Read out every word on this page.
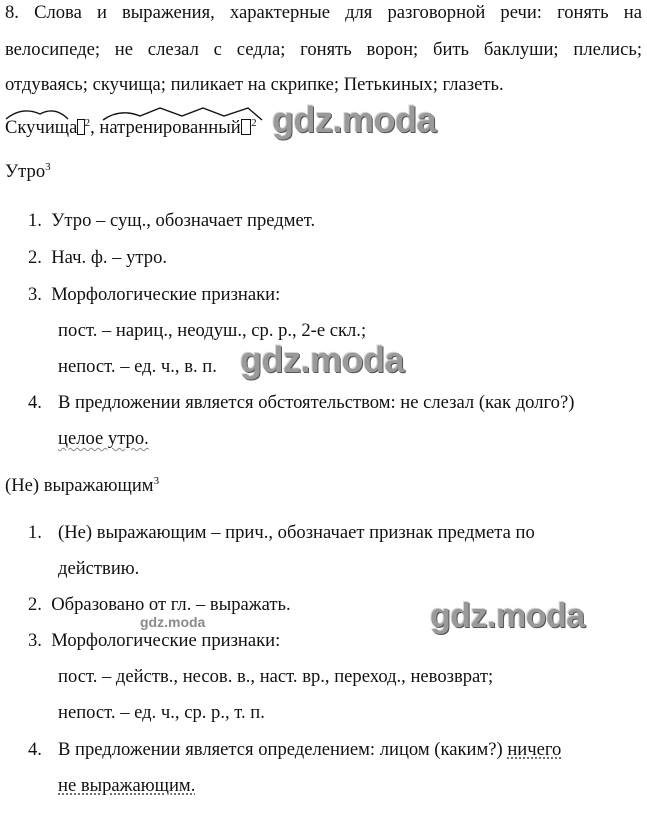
8. Слова и выражения, характерные для разговорной речи: гонять на
велосипеде; не слезал с седла; гонять ворон; бить баклуши; плелись;
отдуваясь; скучища; пиликает на скрипке; Петькиных; глазеть.
Скучища $^2$, натренированный $^2$ gdz.moda
Утро$^3$
1. Утро – сущ., обозначает предмет.
2. Нач. ф. – утро.
3. Морфологические признаки:
пост. – нариц., неодуш., ср. р., 2-е скл.;
непост. – ед. ч., в. п. gdz.moda
4. В предложении является обстоятельством: не слезал (как долго?)
целое утро.
(Не) выражающим$^3$
1. (Не) выражающим – прич., обозначает признак предмета по
действию.
2. Образовано от гл. – выражать.
gdz.moda	gdz.moda
3. Морфологические признаки:
пост. – действ., несов. в., наст. вр., переход., невозврат;
непост. – ед. ч., ср. р., т. п.
4. В предложении является определением: лицом (каким?) ничего
не выражающим.
